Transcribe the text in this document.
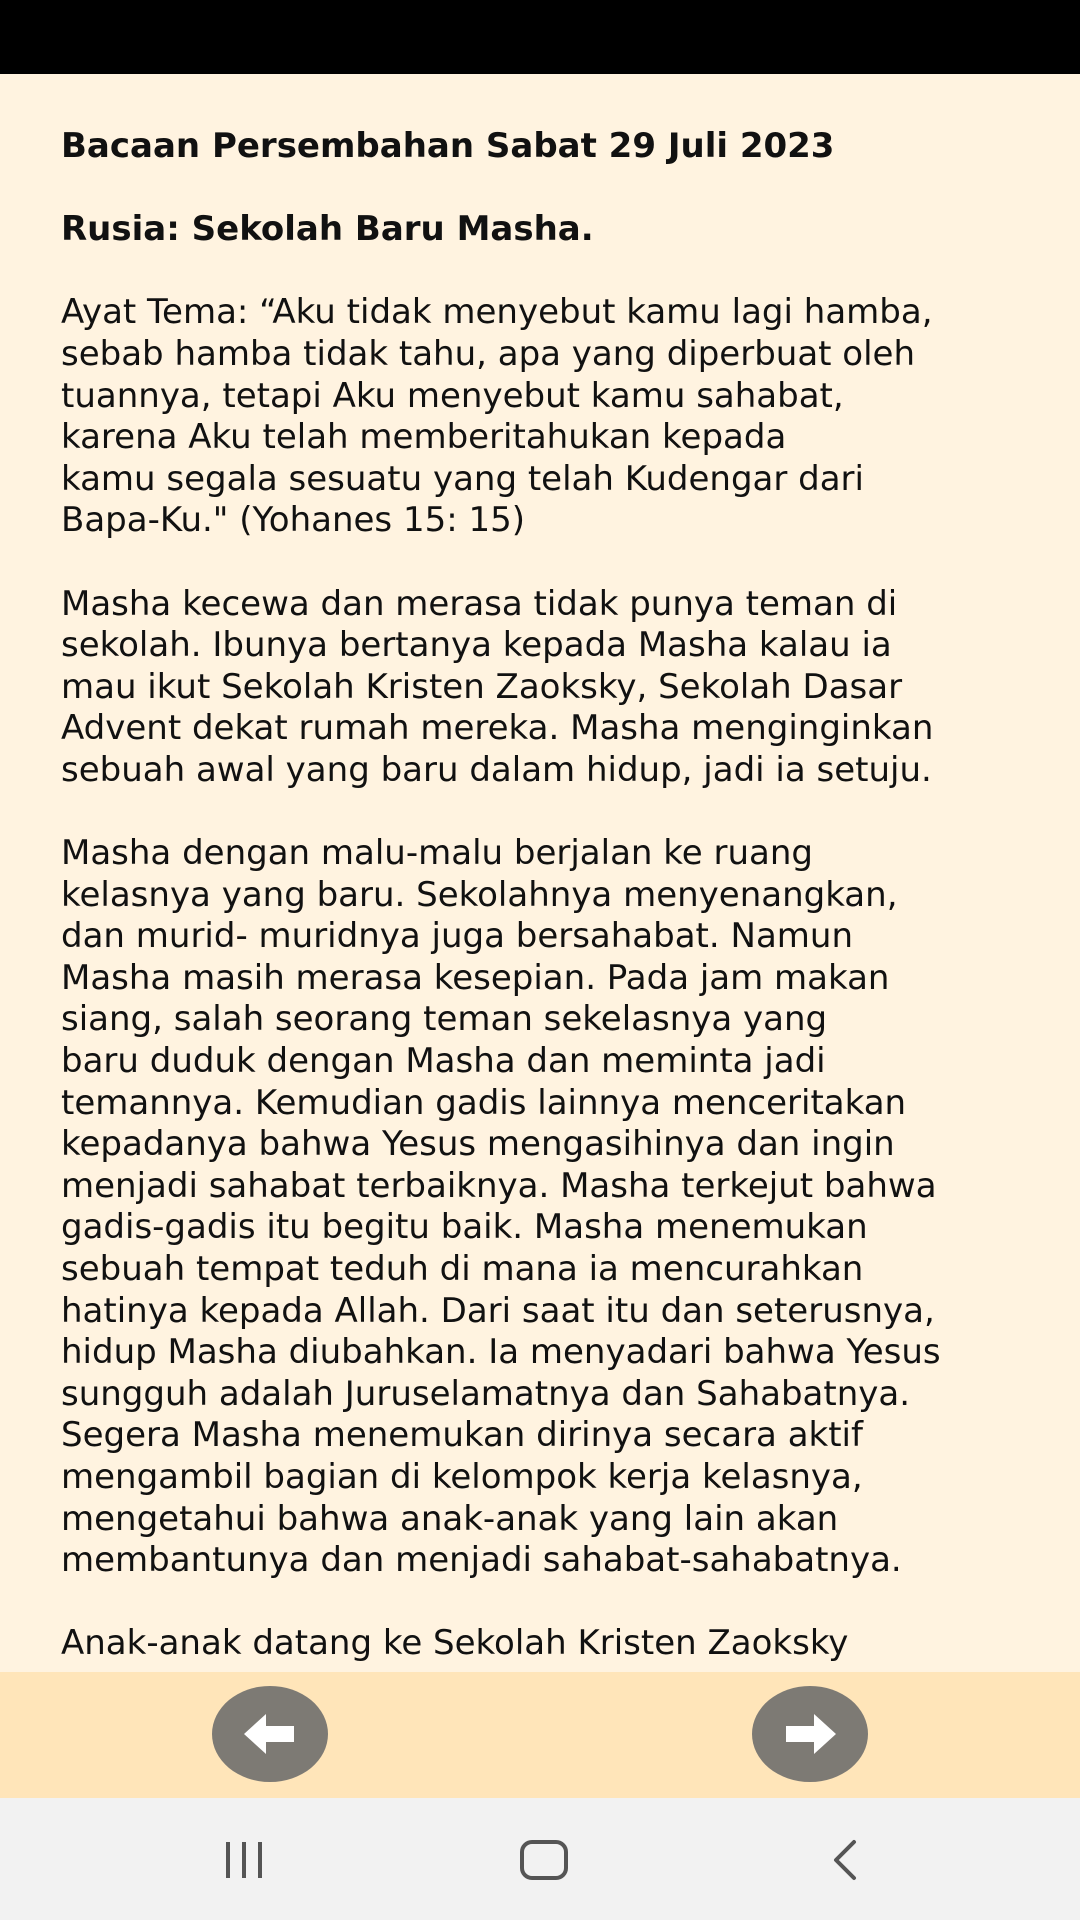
Bacaan Persembahan Sabat 29 Juli 2023

Rusia: Sekolah Baru Masha.

Ayat Tema: “Aku tidak menyebut kamu lagi hamba,
sebab hamba tidak tahu, apa yang diperbuat oleh
tuannya, tetapi Aku menyebut kamu sahabat,
karena Aku telah memberitahukan kepada
kamu segala sesuatu yang telah Kudengar dari
Bapa-Ku." (Yohanes 15: 15)

Masha kecewa dan merasa tidak punya teman di
sekolah. Ibunya bertanya kepada Masha kalau ia
mau ikut Sekolah Kristen Zaoksky, Sekolah Dasar
Advent dekat rumah mereka. Masha menginginkan
sebuah awal yang baru dalam hidup, jadi ia setuju.

Masha dengan malu-malu berjalan ke ruang
kelasnya yang baru. Sekolahnya menyenangkan,
dan murid- muridnya juga bersahabat. Namun
Masha masih merasa kesepian. Pada jam makan
siang, salah seorang teman sekelasnya yang
baru duduk dengan Masha dan meminta jadi
temannya. Kemudian gadis lainnya menceritakan
kepadanya bahwa Yesus mengasihinya dan ingin
menjadi sahabat terbaiknya. Masha terkejut bahwa
gadis-gadis itu begitu baik. Masha menemukan
sebuah tempat teduh di mana ia mencurahkan
hatinya kepada Allah. Dari saat itu dan seterusnya,
hidup Masha diubahkan. Ia menyadari bahwa Yesus
sungguh adalah Juruselamatnya dan Sahabatnya.
Segera Masha menemukan dirinya secara aktif
mengambil bagian di kelompok kerja kelasnya,
mengetahui bahwa anak-anak yang lain akan
membantunya dan menjadi sahabat-sahabatnya.

Anak-anak datang ke Sekolah Kristen Zaoksky
